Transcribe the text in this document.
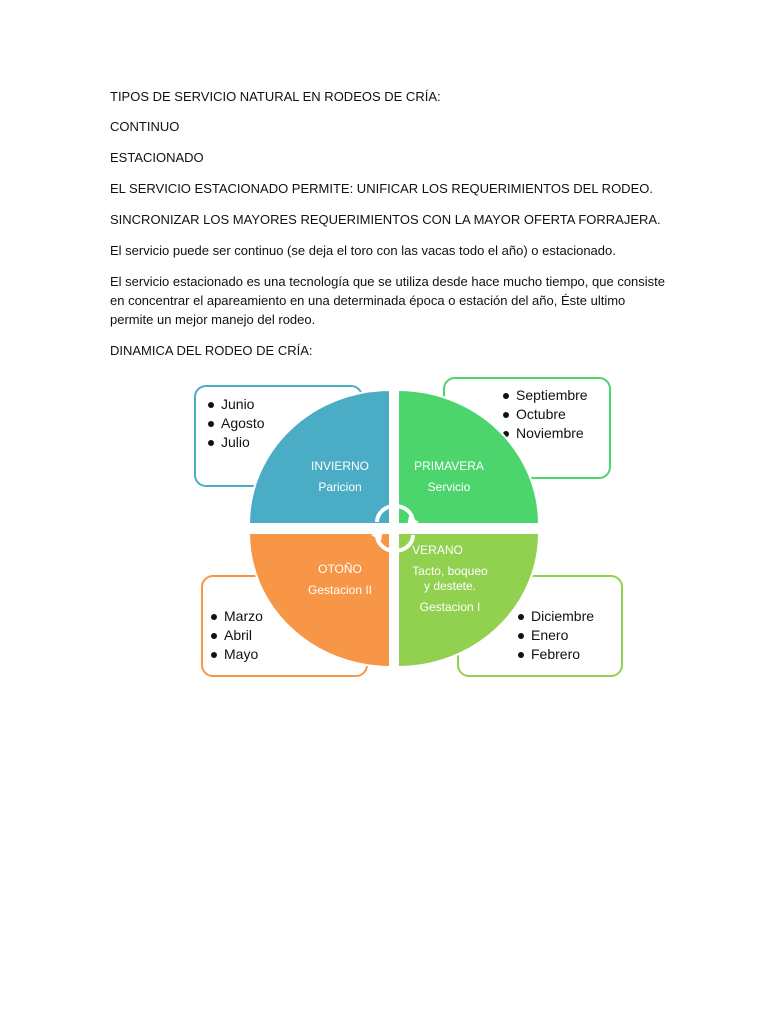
TIPOS DE SERVICIO NATURAL EN RODEOS DE CRÍA:

CONTINUO

ESTACIONADO

EL SERVICIO ESTACIONADO PERMITE: UNIFICAR LOS REQUERIMIENTOS DEL RODEO.

SINCRONIZAR LOS MAYORES REQUERIMIENTOS CON LA MAYOR OFERTA FORRAJERA.

El servicio puede ser continuo (se deja el toro con las vacas todo el año) o estacionado.

El servicio estacionado es una tecnología que se utiliza desde hace mucho tiempo, que consiste en concentrar el apareamiento en una determinada época o estación del año, Éste ultimo permite un mejor manejo del rodeo.

DINAMICA DEL RODEO DE CRÍA:

Junio
Agosto
Julio
Septiembre
Octubre
Noviembre
Marzo
Abril
Mayo
Diciembre
Enero
Febrero
INVIERNO
Paricion
PRIMAVERA
Servicio
OTOÑO
Gestacion II
VERANO
Tacto, boqueo
y destete.
Gestacion I
